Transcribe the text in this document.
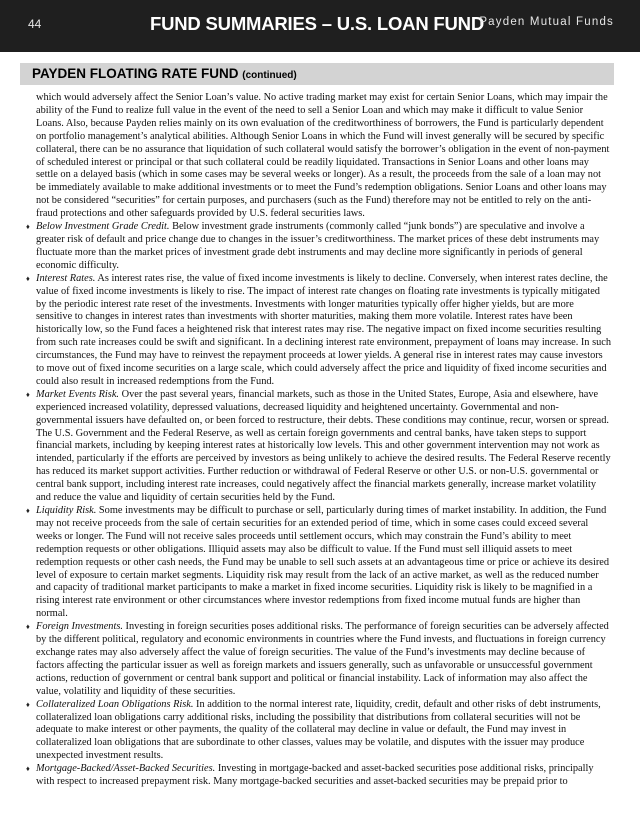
44	FUND SUMMARIES – U.S. LOAN FUND
Payden Mutual Funds
PAYDEN FLOATING RATE FUND (continued)

which would adversely affect the Senior Loan’s value. No active trading market may exist for certain Senior Loans, which may impair the ability of the Fund to realize full value in the event of the need to sell a Senior Loan and which may make it difficult to value Senior Loans. Also, because Payden relies mainly on its own evaluation of the creditworthiness of borrowers, the Fund is particularly dependent on portfolio management’s analytical abilities. Although Senior Loans in which the Fund will invest generally will be secured by specific collateral, there can be no assurance that liquidation of such collateral would satisfy the borrower’s obligation in the event of non-payment of scheduled interest or principal or that such collateral could be readily liquidated. Transactions in Senior Loans and other loans may settle on a delayed basis (which in some cases may be several weeks or longer). As a result, the proceeds from the sale of a loan may not be immediately available to make additional investments or to meet the Fund’s redemption obligations. Senior Loans and other loans may not be considered “securities” for certain purposes, and purchasers (such as the Fund) therefore may not be entitled to rely on the anti-fraud protections and other safeguards provided by U.S. federal securities laws.

♦ Below Investment Grade Credit. Below investment grade instruments (commonly called “junk bonds”) are speculative and involve a greater risk of default and price change due to changes in the issuer’s creditworthiness. The market prices of these debt instruments may fluctuate more than the market prices of investment grade debt instruments and may decline more significantly in periods of general economic difficulty.

♦ Interest Rates. As interest rates rise, the value of fixed income investments is likely to decline. Conversely, when interest rates decline, the value of fixed income investments is likely to rise. The impact of interest rate changes on floating rate investments is typically mitigated by the periodic interest rate reset of the investments. Investments with longer maturities typically offer higher yields, but are more sensitive to changes in interest rates than investments with shorter maturities, making them more volatile. Interest rates have been historically low, so the Fund faces a heightened risk that interest rates may rise. The negative impact on fixed income securities resulting from such rate increases could be swift and significant. In a declining interest rate environment, prepayment of loans may increase. In such circumstances, the Fund may have to reinvest the repayment proceeds at lower yields. A general rise in interest rates may cause investors to move out of fixed income securities on a large scale, which could adversely affect the price and liquidity of fixed income securities and could also result in increased redemptions from the Fund.

♦ Market Events Risk. Over the past several years, financial markets, such as those in the United States, Europe, Asia and elsewhere, have experienced increased volatility, depressed valuations, decreased liquidity and heightened uncertainty. Governmental and non-governmental issuers have defaulted on, or been forced to restructure, their debts. These conditions may continue, recur, worsen or spread. The U.S. Government and the Federal Reserve, as well as certain foreign governments and central banks, have taken steps to support financial markets, including by keeping interest rates at historically low levels. This and other government intervention may not work as intended, particularly if the efforts are perceived by investors as being unlikely to achieve the desired results. The Federal Reserve recently has reduced its market support activities. Further reduction or withdrawal of Federal Reserve or other U.S. or non-U.S. governmental or central bank support, including interest rate increases, could negatively affect the financial markets generally, increase market volatility and reduce the value and liquidity of certain securities held by the Fund.

♦ Liquidity Risk. Some investments may be difficult to purchase or sell, particularly during times of market instability. In addition, the Fund may not receive proceeds from the sale of certain securities for an extended period of time, which in some cases could exceed several weeks or longer. The Fund will not receive sales proceeds until settlement occurs, which may constrain the Fund’s ability to meet redemption requests or other obligations. Illiquid assets may also be difficult to value. If the Fund must sell illiquid assets to meet redemption requests or other cash needs, the Fund may be unable to sell such assets at an advantageous time or price or achieve its desired level of exposure to certain market segments. Liquidity risk may result from the lack of an active market, as well as the reduced number and capacity of traditional market participants to make a market in fixed income securities. Liquidity risk is likely to be magnified in a rising interest rate environment or other circumstances where investor redemptions from fixed income mutual funds are higher than normal.

♦ Foreign Investments. Investing in foreign securities poses additional risks. The performance of foreign securities can be adversely affected by the different political, regulatory and economic environments in countries where the Fund invests, and fluctuations in foreign currency exchange rates may also adversely affect the value of foreign securities. The value of the Fund’s investments may decline because of factors affecting the particular issuer as well as foreign markets and issuers generally, such as unfavorable or unsuccessful government actions, reduction of government or central bank support and political or financial instability. Lack of information may also affect the value, volatility and liquidity of these securities.

♦ Collateralized Loan Obligations Risk. In addition to the normal interest rate, liquidity, credit, default and other risks of debt instruments, collateralized loan obligations carry additional risks, including the possibility that distributions from collateral securities will not be adequate to make interest or other payments, the quality of the collateral may decline in value or default, the Fund may invest in collateralized loan obligations that are subordinate to other classes, values may be volatile, and disputes with the issuer may produce unexpected investment results.

♦ Mortgage-Backed/Asset-Backed Securities. Investing in mortgage-backed and asset-backed securities pose additional risks, principally with respect to increased prepayment risk. Many mortgage-backed securities and asset-backed securities may be prepaid prior to
